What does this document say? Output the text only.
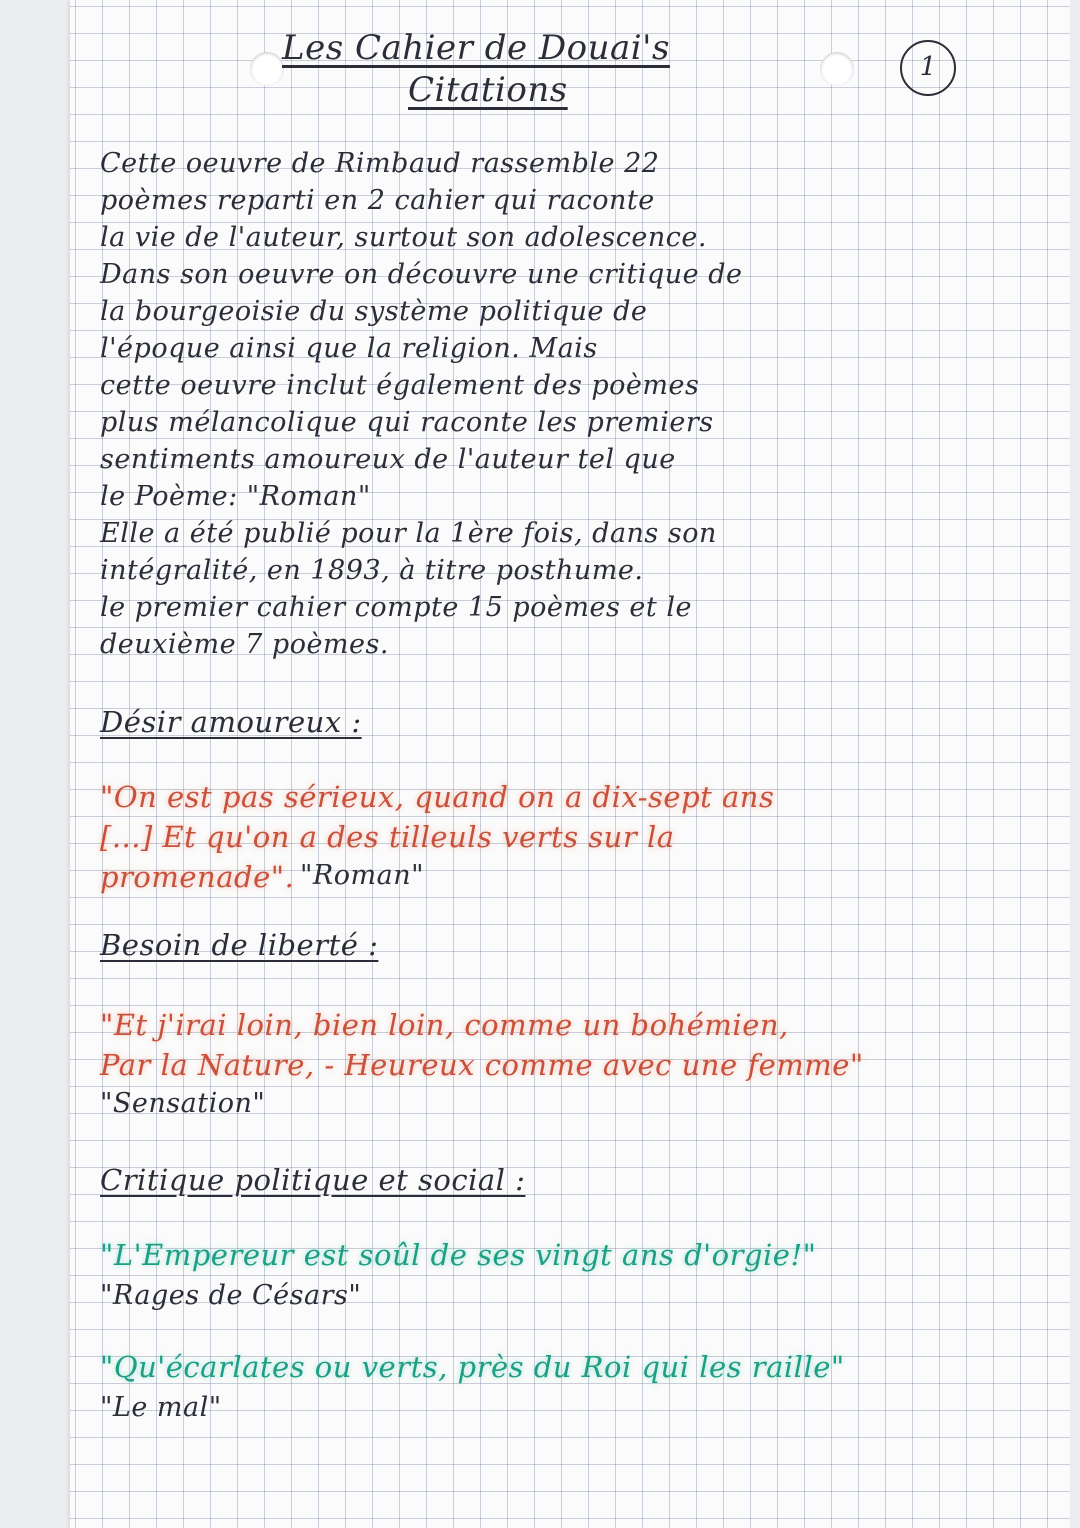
Les Cahier de Douai's
Citations
1
Cette oeuvre de Rimbaud rassemble 22
poèmes reparti en 2 cahier qui raconte
la vie de l'auteur, surtout son adolescence.
Dans son oeuvre on découvre une critique de
la bourgeoisie du système politique de
l'époque ainsi que la religion. Mais
cette oeuvre inclut également des poèmes
plus mélancolique qui raconte les premiers
sentiments amoureux de l'auteur tel que
le Poème: "Roman"
Elle a été publié pour la 1ère fois, dans son
intégralité, en 1893, à titre posthume.
le premier cahier compte 15 poèmes et le
deuxième 7 poèmes.
Désir amoureux :
"On est pas sérieux, quand on a dix-sept ans
[...] Et qu'on a des tilleuls verts sur la
promenade". "Roman"
Besoin de liberté :
"Et j'irai loin, bien loin, comme un bohémien,
Par la Nature, - Heureux comme avec une femme"
"Sensation"
Critique politique et social :
"L'Empereur est soûl de ses vingt ans d'orgie!"
"Rages de Césars"
"Qu'écarlates ou verts, près du Roi qui les raille"
"Le mal"
